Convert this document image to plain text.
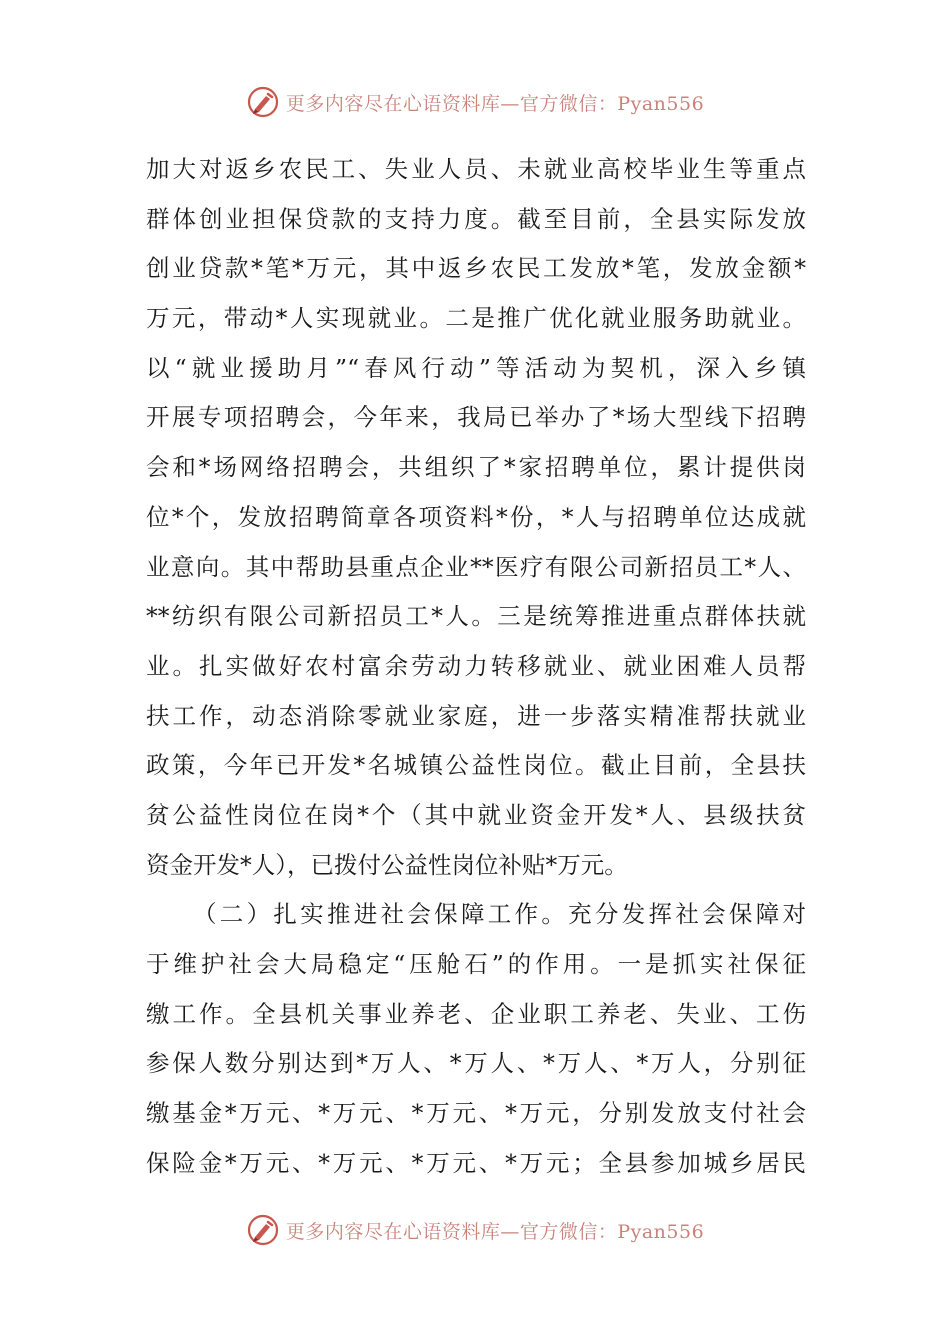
更多内容尽在心语资料库—官方微信：Pyan556
加大对返乡农民工、失业人员、未就业高校毕业生等重点
群体创业担保贷款的支持力度。截至目前，全县实际发放
创业贷款*笔*万元，其中返乡农民工发放*笔，发放金额*
万元，带动*人实现就业。二是推广优化就业服务助就业。
以“就业援助月”“春风行动”等活动为契机，深入乡镇
开展专项招聘会，今年来，我局已举办了*场大型线下招聘
会和*场网络招聘会，共组织了*家招聘单位，累计提供岗
位*个，发放招聘简章各项资料*份，*人与招聘单位达成就
业意向。其中帮助县重点企业**医疗有限公司新招员工*人、
**纺织有限公司新招员工*人。三是统筹推进重点群体扶就
业。扎实做好农村富余劳动力转移就业、就业困难人员帮
扶工作，动态消除零就业家庭，进一步落实精准帮扶就业
政策，今年已开发*名城镇公益性岗位。截止目前，全县扶
贫公益性岗位在岗*个（其中就业资金开发*人、县级扶贫
资金开发*人），已拨付公益性岗位补贴*万元。
（二）扎实推进社会保障工作。充分发挥社会保障对
于维护社会大局稳定“压舱石”的作用。一是抓实社保征
缴工作。全县机关事业养老、企业职工养老、失业、工伤
参保人数分别达到*万人、*万人、*万人、*万人，分别征
缴基金*万元、*万元、*万元、*万元，分别发放支付社会
保险金*万元、*万元、*万元、*万元；全县参加城乡居民
更多内容尽在心语资料库—官方微信：Pyan556
